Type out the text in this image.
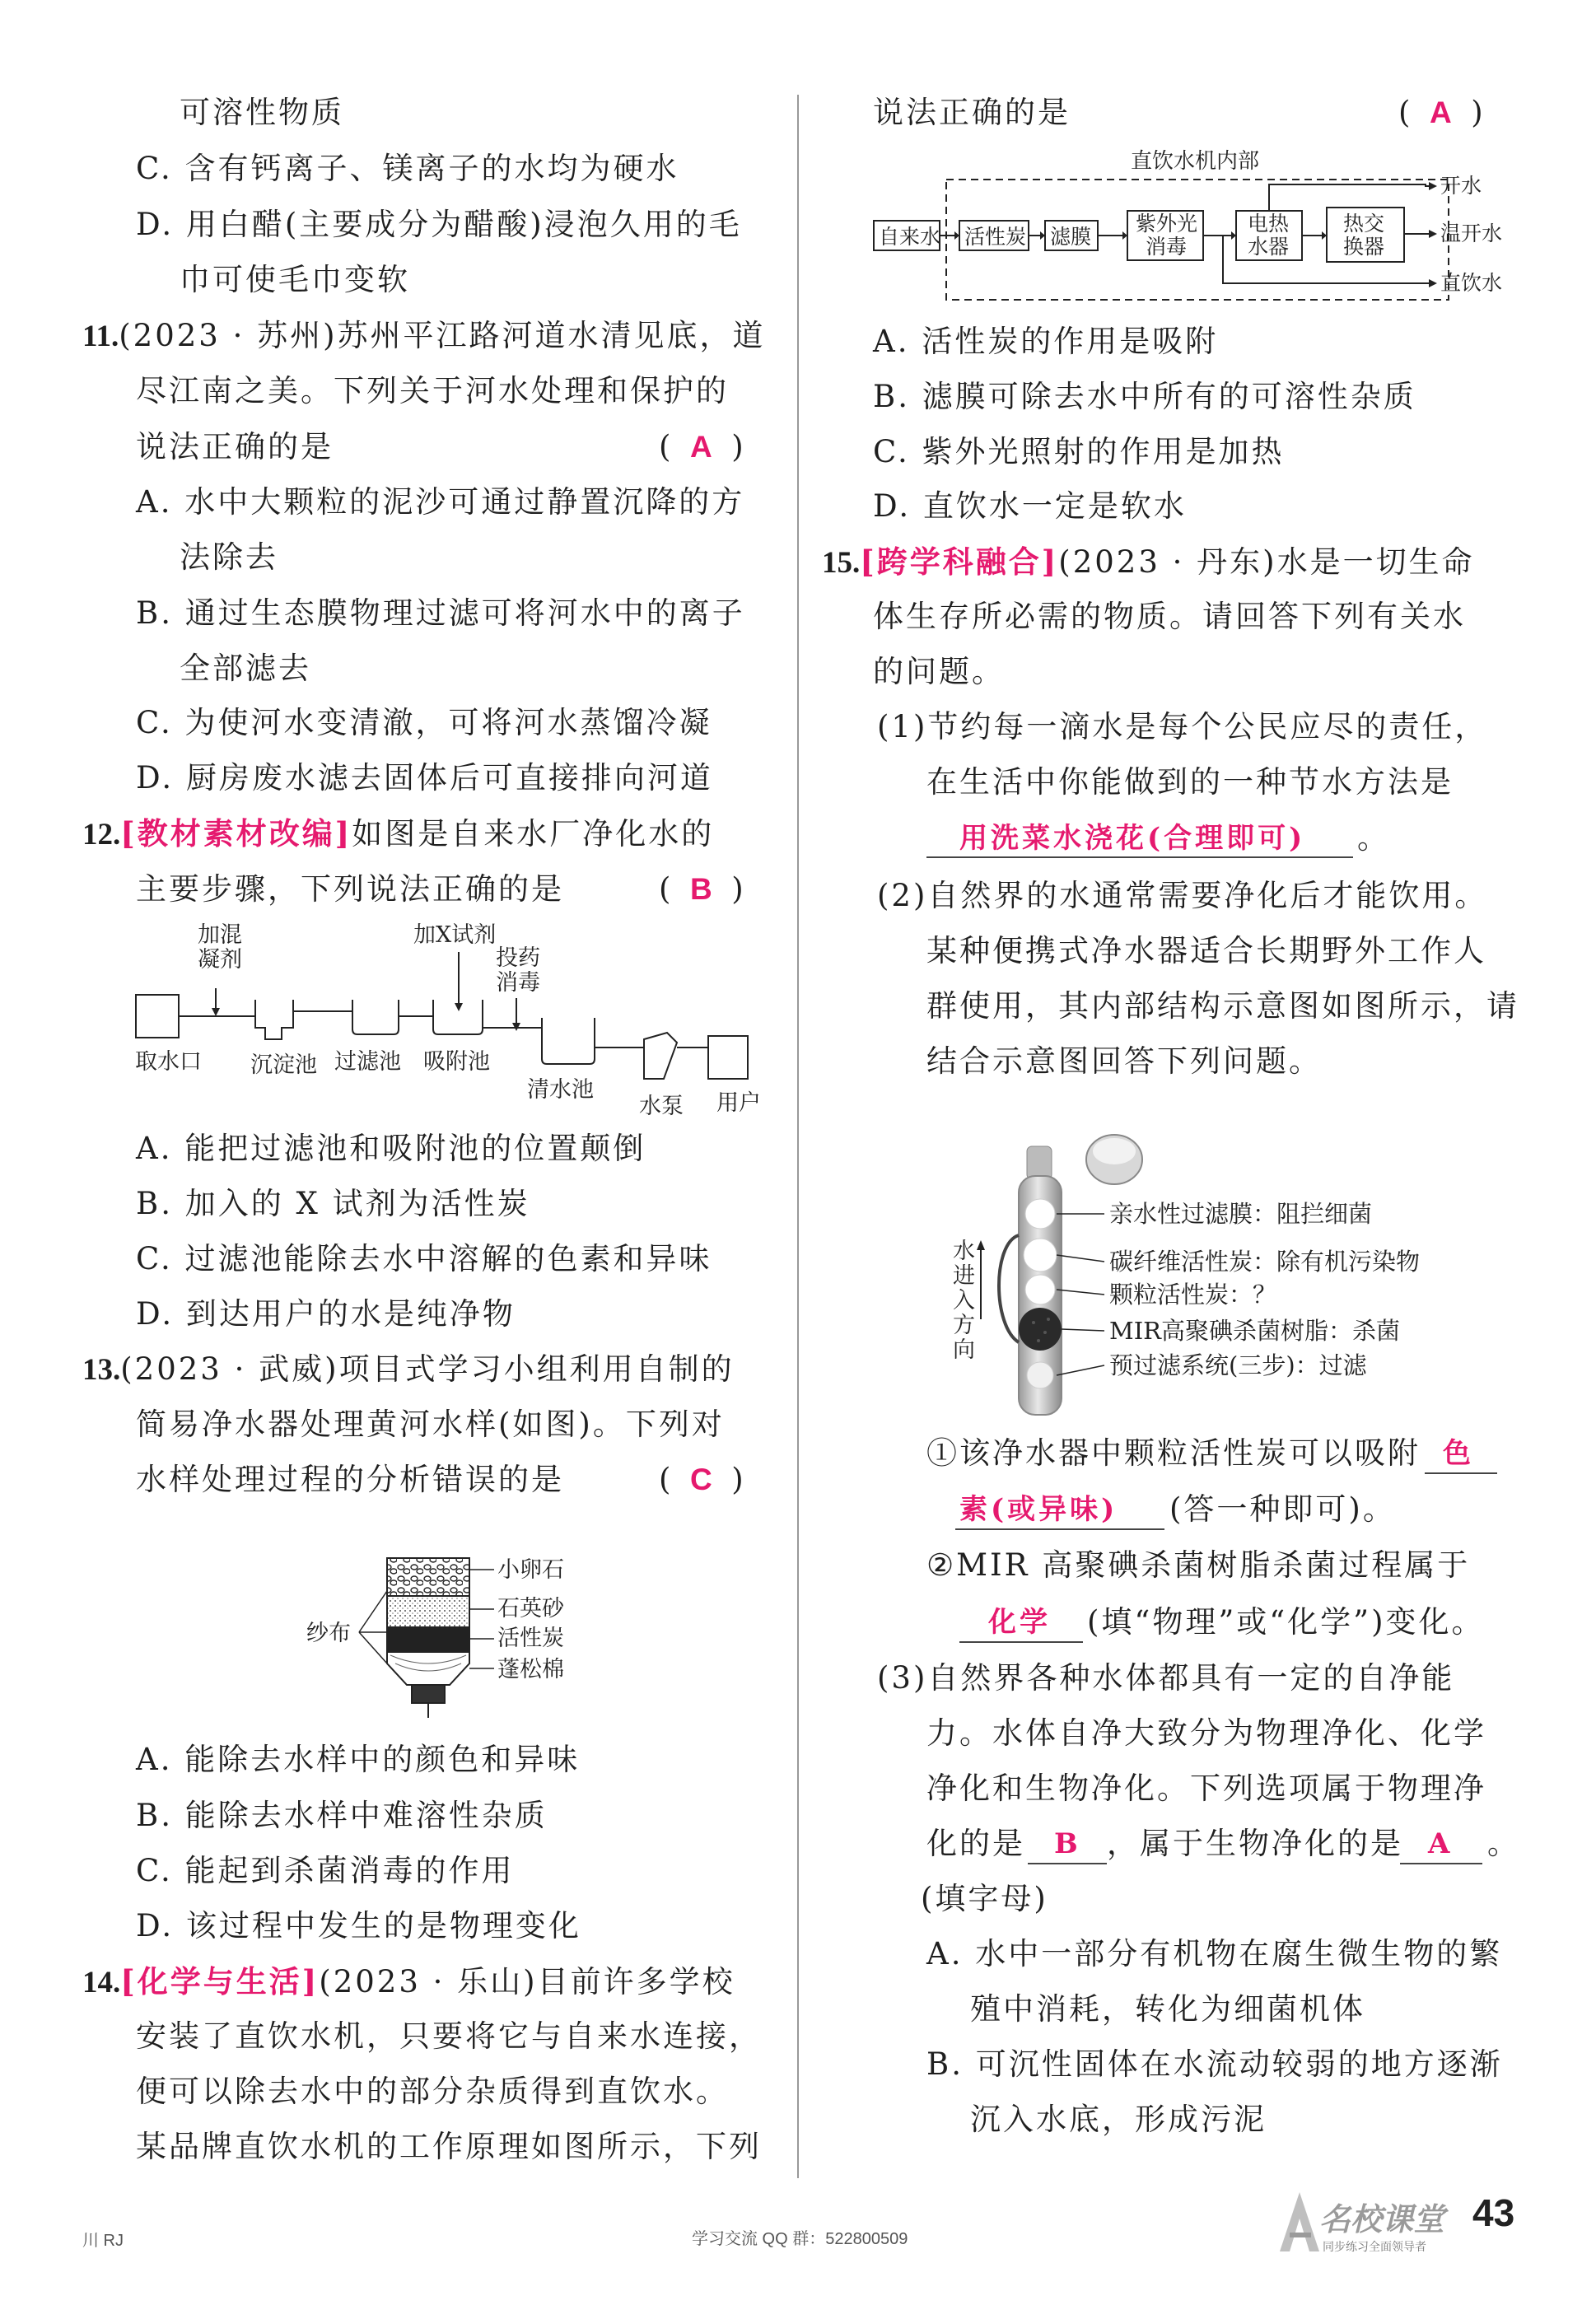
可溶性物质
C. 含有钙离子、镁离子的水均为硬水
D. 用白醋(主要成分为醋酸)浸泡久用的毛
巾可使毛巾变软
11.(2023 · 苏州)苏州平江路河道水清见底，道
尽江南之美。下列关于河水处理和保护的
说法正确的是	(  A  )
A. 水中大颗粒的泥沙可通过静置沉降的方
法除去
B. 通过生态膜物理过滤可将河水中的离子
全部滤去
C. 为使河水变清澈，可将河水蒸馏冷凝
D. 厨房废水滤去固体后可直接排向河道
12.[教材素材改编]如图是自来水厂净化水的
主要步骤，下列说法正确的是	(  B  )
加混
凝剂
加X试剂
投药
消毒
取水口 沉淀池 过滤池 吸附池
清水池
水泵 用户
A. 能把过滤池和吸附池的位置颠倒
B. 加入的 X 试剂为活性炭
C. 过滤池能除去水中溶解的色素和异味
D. 到达用户的水是纯净物
13.(2023 · 武威)项目式学习小组利用自制的
简易净水器处理黄河水样(如图)。下列对
水样处理过程的分析错误的是	(  C  )
纱布
小卵石
石英砂
活性炭
蓬松棉
A. 能除去水样中的颜色和异味
B. 能除去水样中难溶性杂质
C. 能起到杀菌消毒的作用
D. 该过程中发生的是物理变化
14.[化学与生活](2023 · 乐山)目前许多学校
安装了直饮水机，只要将它与自来水连接，
便可以除去水中的部分杂质得到直饮水。
某品牌直饮水机的工作原理如图所示，下列
说法正确的是	(  A  )
直饮水机内部
自来水 活性炭 滤膜
紫外光
消毒
电热
水器
热交
换器
开水
温开水
直饮水
A. 活性炭的作用是吸附
B. 滤膜可除去水中所有的可溶性杂质
C. 紫外光照射的作用是加热
D. 直饮水一定是软水
15.[跨学科融合](2023 · 丹东)水是一切生命
体生存所必需的物质。请回答下列有关水
的问题。
(1)节约每一滴水是每个公民应尽的责任，
在生活中你能做到的一种节水方法是
用洗菜水浇花(合理即可) 。
(2)自然界的水通常需要净化后才能饮用。
某种便携式净水器适合长期野外工作人
群使用，其内部结构示意图如图所示，请
结合示意图回答下列问题。
水
进
入
方
向
亲水性过滤膜：阻拦细菌
碳纤维活性炭：除有机污染物
颗粒活性炭：？
MIR高聚碘杀菌树脂：杀菌
预过滤系统(三步)：过滤
①该净水器中颗粒活性炭可以吸附 色
素(或异味) (答一种即可)。
②MIR 高聚碘杀菌树脂杀菌过程属于
化学 (填“物理”或“化学”)变化。
(3)自然界各种水体都具有一定的自净能
力。水体自净大致分为物理净化、化学
净化和生物净化。下列选项属于物理净
化的是 B ，属于生物净化的是 A 。
(填字母)
A. 水中一部分有机物在腐生微生物的繁
殖中消耗，转化为细菌机体
B. 可沉性固体在水流动较弱的地方逐渐
沉入水底，形成污泥
川 RJ	学习交流 QQ 群：522800509
名校课堂
同步练习全面领导者
43
